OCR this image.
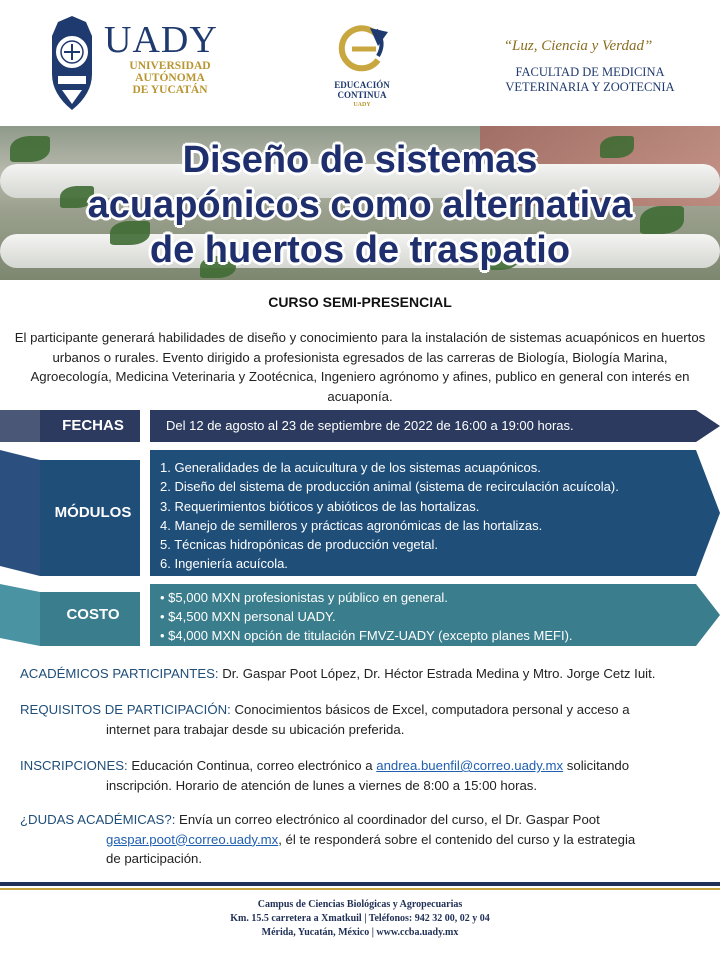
UADY
UNIVERSIDAD
AUTÓNOMA
DE YUCATÁN	EDUCACIÓN
CONTINUA
UADY
“Luz, Ciencia y Verdad”
FACULTAD DE MEDICINA
VETERINARIA Y ZOOTECNIA
Diseño de sistemas
acuapónicos como alternativa
de huertos de traspatio
CURSO SEMI-PRESENCIAL
El participante generará habilidades de diseño y conocimiento para la instalación de sistemas acuapónicos en huertos urbanos o rurales. Evento dirigido a profesionista egresados de las carreras de Biología, Biología Marina, Agroecología, Medicina Veterinaria y Zootécnica, Ingeniero agrónomo y afines, publico en general con interés en acuaponía.
FECHAS	Del 12 de agosto al 23 de septiembre de 2022 de 16:00 a 19:00 horas.
MÓDULOS
1. Generalidades de la acuicultura y de los sistemas acuapónicos.
2. Diseño del sistema de producción animal (sistema de recirculación acuícola).
3. Requerimientos bióticos y abióticos de las hortalizas.
4. Manejo de semilleros y prácticas agronómicas de las hortalizas.
5. Técnicas hidropónicas de producción vegetal.
6. Ingeniería acuícola.
COSTO
• $5,000 MXN profesionistas y público en general.
• $4,500 MXN personal UADY.
• $4,000 MXN opción de titulación FMVZ-UADY (excepto planes MEFI).
ACADÉMICOS PARTICIPANTES: Dr. Gaspar Poot López, Dr. Héctor Estrada Medina y Mtro. Jorge Cetz Iuit.
REQUISITOS DE PARTICIPACIÓN: Conocimientos básicos de Excel, computadora personal y acceso a
internet para trabajar desde su ubicación preferida.
INSCRIPCIONES: Educación Continua, correo electrónico a andrea.buenfil@correo.uady.mx solicitando
inscripción. Horario de atención de lunes a viernes de 8:00 a 15:00 horas.
¿DUDAS ACADÉMICAS?: Envía un correo electrónico al coordinador del curso, el Dr. Gaspar Poot
gaspar.poot@correo.uady.mx, él te responderá sobre el contenido del curso y la estrategia
de participación.
Campus de Ciencias Biológicas y Agropecuarias
Km. 15.5 carretera a Xmatkuil | Teléfonos: 942 32 00, 02 y 04
Mérida, Yucatán, México | www.ccba.uady.mx
